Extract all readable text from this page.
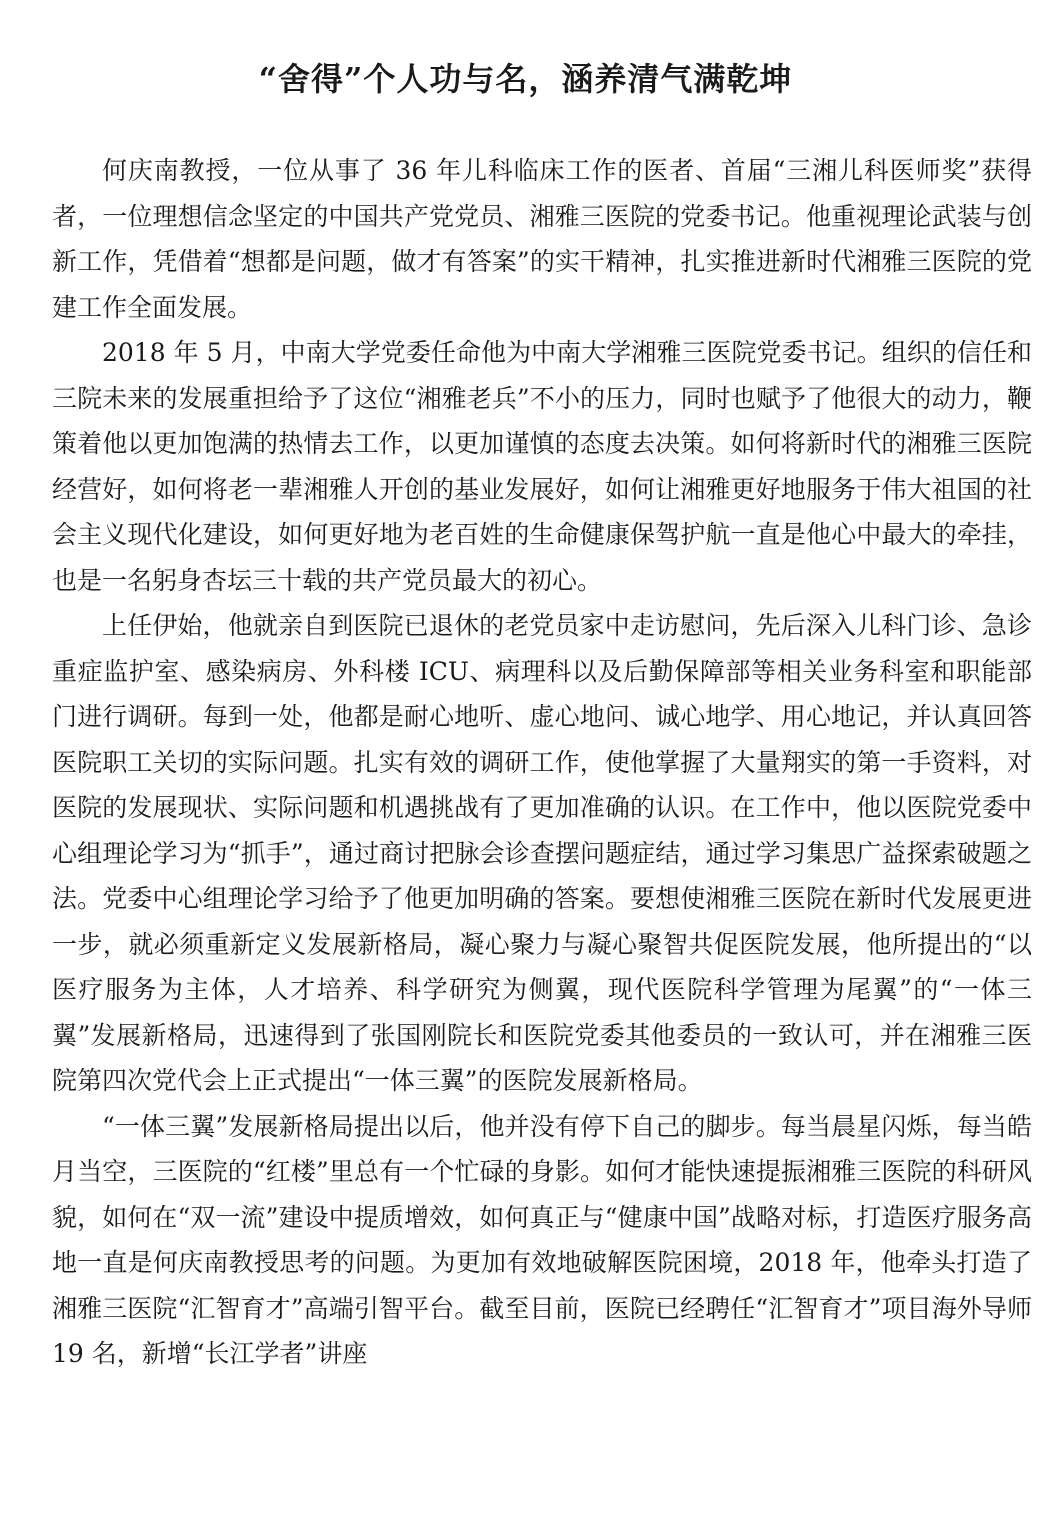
“舍得”个人功与名，涵养清气满乾坤

何庆南教授，一位从事了 36 年儿科临床工作的医者、首届“三湘儿科医师奖”获得者，一位理想信念坚定的中国共产党党员、湘雅三医院的党委书记。他重视理论武装与创新工作，凭借着“想都是问题，做才有答案”的实干精神，扎实推进新时代湘雅三医院的党建工作全面发展。

2018 年 5 月，中南大学党委任命他为中南大学湘雅三医院党委书记。组织的信任和三院未来的发展重担给予了这位“湘雅老兵”不小的压力，同时也赋予了他很大的动力，鞭策着他以更加饱满的热情去工作，以更加谨慎的态度去决策。如何将新时代的湘雅三医院经营好，如何将老一辈湘雅人开创的基业发展好，如何让湘雅更好地服务于伟大祖国的社会主义现代化建设，如何更好地为老百姓的生命健康保驾护航一直是他心中最大的牵挂，也是一名躬身杏坛三十载的共产党员最大的初心。

上任伊始，他就亲自到医院已退休的老党员家中走访慰问，先后深入儿科门诊、急诊重症监护室、感染病房、外科楼 ICU、病理科以及后勤保障部等相关业务科室和职能部门进行调研。每到一处，他都是耐心地听、虚心地问、诚心地学、用心地记，并认真回答医院职工关切的实际问题。扎实有效的调研工作，使他掌握了大量翔实的第一手资料，对医院的发展现状、实际问题和机遇挑战有了更加准确的认识。在工作中，他以医院党委中心组理论学习为“抓手”，通过商讨把脉会诊查摆问题症结，通过学习集思广益探索破题之法。党委中心组理论学习给予了他更加明确的答案。要想使湘雅三医院在新时代发展更进一步，就必须重新定义发展新格局，凝心聚力与凝心聚智共促医院发展，他所提出的“以医疗服务为主体，人才培养、科学研究为侧翼，现代医院科学管理为尾翼”的“一体三翼”发展新格局，迅速得到了张国刚院长和医院党委其他委员的一致认可，并在湘雅三医院第四次党代会上正式提出“一体三翼”的医院发展新格局。

“一体三翼”发展新格局提出以后，他并没有停下自己的脚步。每当晨星闪烁，每当皓月当空，三医院的“红楼”里总有一个忙碌的身影。如何才能快速提振湘雅三医院的科研风貌，如何在“双一流”建设中提质增效，如何真正与“健康中国”战略对标，打造医疗服务高地一直是何庆南教授思考的问题。为更加有效地破解医院困境，2018 年，他牵头打造了湘雅三医院“汇智育才”高端引智平台。截至目前，医院已经聘任“汇智育才”项目海外导师 19 名，新增“长江学者”讲座
